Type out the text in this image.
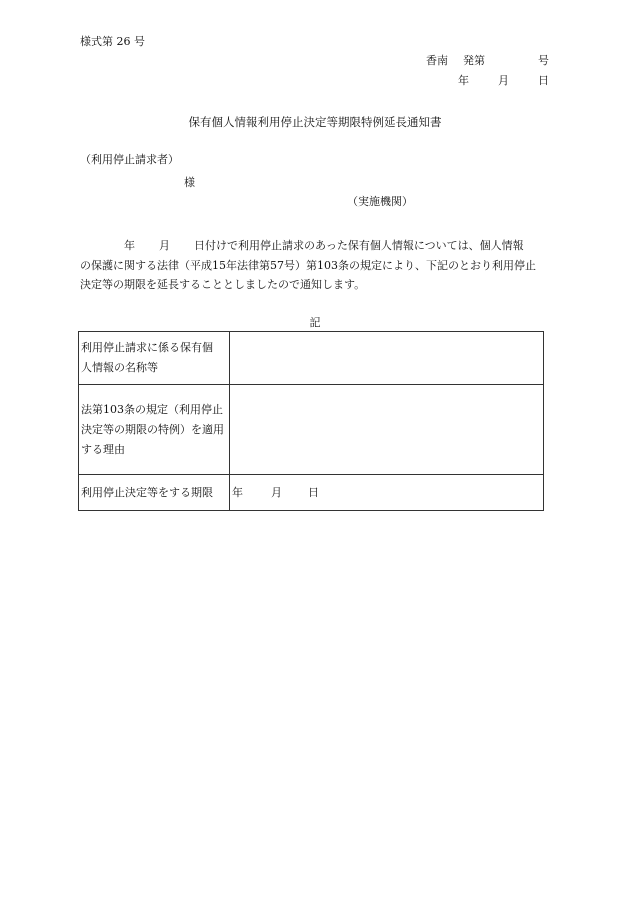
様式第 26 号
香南 発第	号
年	月	日
保有個人情報利用停止決定等期限特例延長通知書
（利用停止請求者）
様
（実施機関）
年 月 日付けで利用停止請求のあった保有個人情報については、個人情報
の保護に関する法律（平成15年法律第57号）第103条の規定により、下記のとおり利用停止
決定等の期限を延長することとしましたので通知します。
記
利用停止請求に係る保有個
人情報の名称等	

法第103条の規定（利用停止
決定等の期限の特例）を適用
する理由	

利用停止決定等をする期限	年 月 日
